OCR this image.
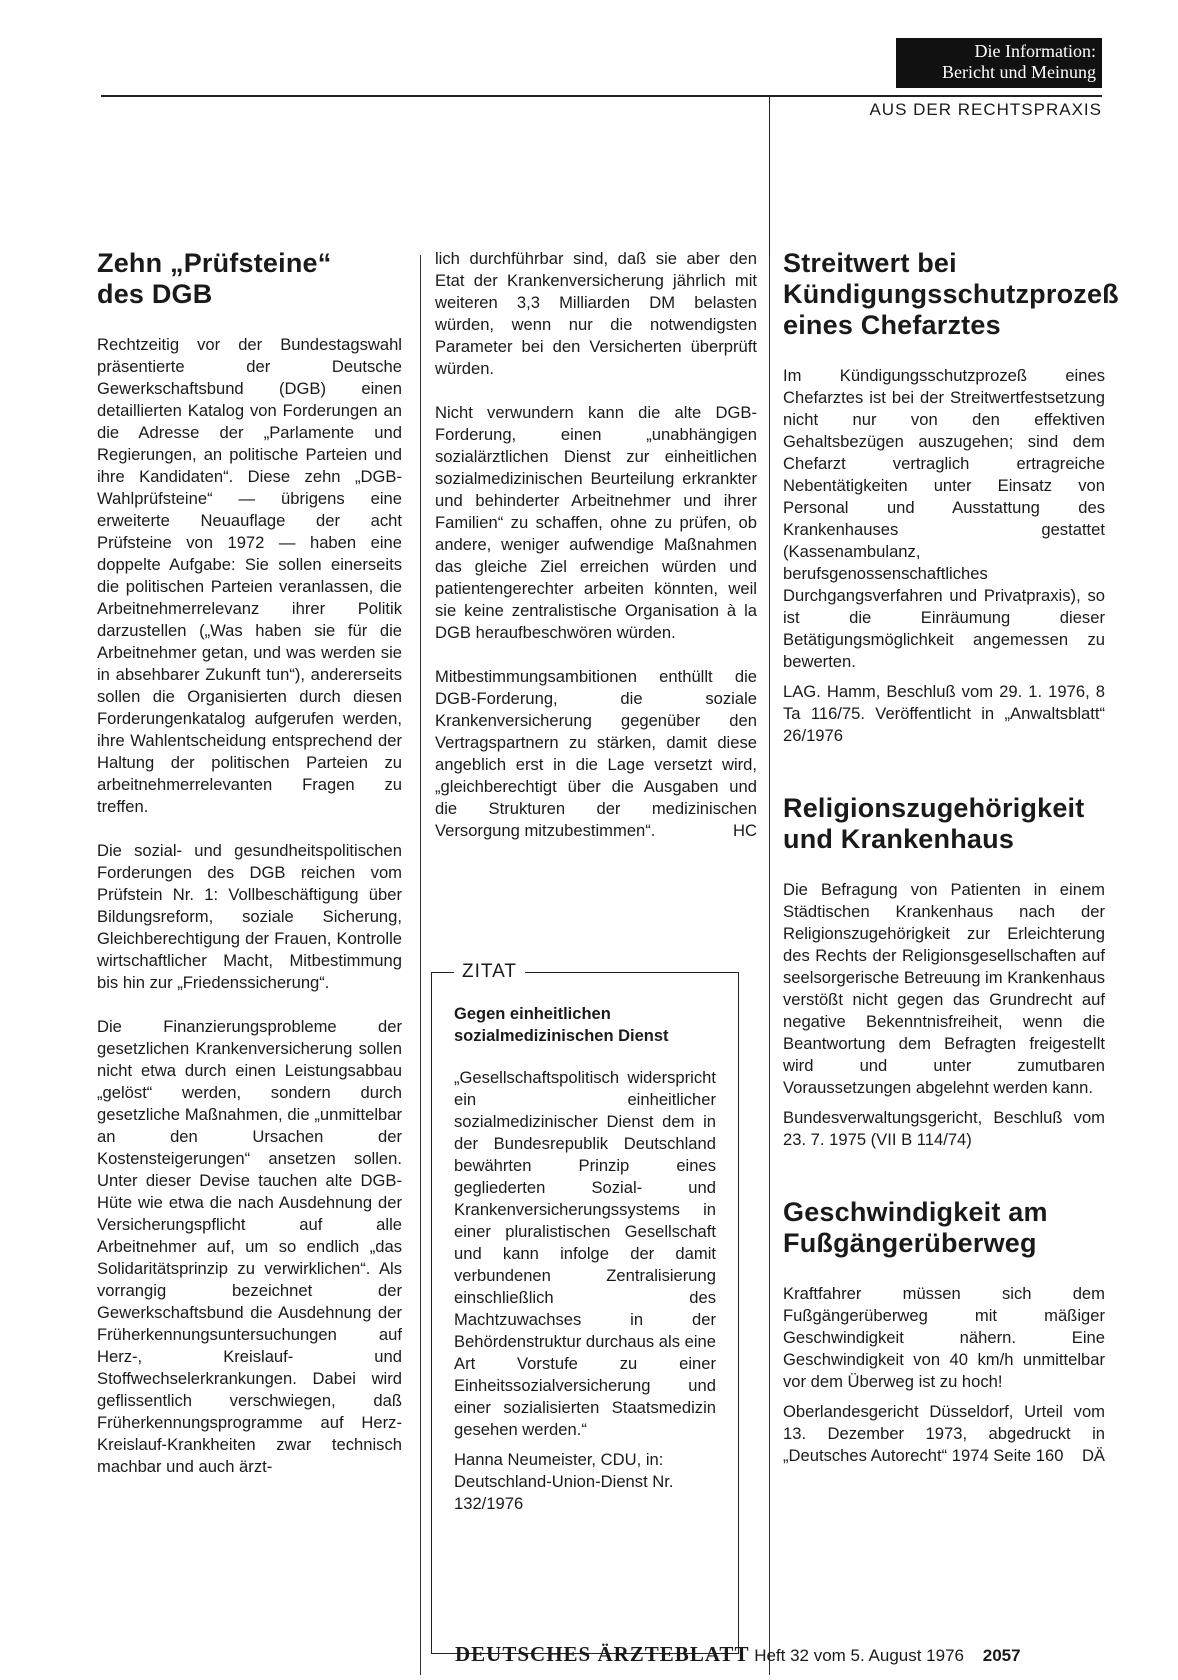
Die Information:
Bericht und Meinung
AUS DER RECHTSPRAXIS
Zehn „Prüfsteine“
des DGB

Rechtzeitig vor der Bundestagswahl präsentierte der Deutsche Gewerkschaftsbund (DGB) einen detaillierten Katalog von Forderungen an die Adresse der „Parlamente und Regierungen, an politische Parteien und ihre Kandidaten“. Diese zehn „DGB-Wahlprüfsteine“ — übrigens eine erweiterte Neuauflage der acht Prüfsteine von 1972 — haben eine doppelte Aufgabe: Sie sollen einerseits die politischen Parteien veranlassen, die Arbeitnehmerrelevanz ihrer Politik darzustellen („Was haben sie für die Arbeitnehmer getan, und was werden sie in absehbarer Zukunft tun“), andererseits sollen die Organisierten durch diesen Forderungenkatalog aufgerufen werden, ihre Wahlentscheidung entsprechend der Haltung der politischen Parteien zu arbeitnehmerrelevanten Fragen zu treffen.

Die sozial- und gesundheitspolitischen Forderungen des DGB reichen vom Prüfstein Nr. 1: Vollbeschäftigung über Bildungsreform, soziale Sicherung, Gleichberechtigung der Frauen, Kontrolle wirtschaftlicher Macht, Mitbestimmung bis hin zur „Friedenssicherung“.

Die Finanzierungsprobleme der gesetzlichen Krankenversicherung sollen nicht etwa durch einen Leistungsabbau „gelöst“ werden, sondern durch gesetzliche Maßnahmen, die „unmittelbar an den Ursachen der Kostensteigerungen“ ansetzen sollen. Unter dieser Devise tauchen alte DGB-Hüte wie etwa die nach Ausdehnung der Versicherungspflicht auf alle Arbeitnehmer auf, um so endlich „das Solidaritätsprinzip zu verwirklichen“. Als vorrangig bezeichnet der Gewerkschaftsbund die Ausdehnung der Früherkennungsuntersuchungen auf Herz-, Kreislauf- und Stoffwechselerkrankungen. Dabei wird geflissentlich verschwiegen, daß Früherkennungsprogramme auf Herz-Kreislauf-Krankheiten zwar technisch machbar und auch ärzt-

lich durchführbar sind, daß sie aber den Etat der Krankenversicherung jährlich mit weiteren 3,3 Milliarden DM belasten würden, wenn nur die notwendigsten Parameter bei den Versicherten überprüft würden.

Nicht verwundern kann die alte DGB-Forderung, einen „unabhängigen sozialärztlichen Dienst zur einheitlichen sozialmedizinischen Beurteilung erkrankter und behinderter Arbeitnehmer und ihrer Familien“ zu schaffen, ohne zu prüfen, ob andere, weniger aufwendige Maßnahmen das gleiche Ziel erreichen würden und patientengerechter arbeiten könnten, weil sie keine zentralistische Organisation à la DGB heraufbeschwören würden.

Mitbestimmungsambitionen enthüllt die DGB-Forderung, die soziale Krankenversicherung gegenüber den Vertragspartnern zu stärken, damit diese angeblich erst in die Lage versetzt wird, „gleichberechtigt über die Ausgaben und die Strukturen der medizinischen Versorgung mitzubestimmen“.	HC

ZITAT
Gegen einheitlichen sozialmedizinischen Dienst

„Gesellschaftspolitisch widerspricht ein einheitlicher sozialmedizinischer Dienst dem in der Bundesrepublik Deutschland bewährten Prinzip eines gegliederten Sozial- und Krankenversicherungssystems in einer pluralistischen Gesellschaft und kann infolge der damit verbundenen Zentralisierung einschließlich des Machtzuwachses in der Behördenstruktur durchaus als eine Art Vorstufe zu einer Einheitssozialversicherung und einer sozialisierten Staatsmedizin gesehen werden.“

Hanna Neumeister, CDU, in: Deutschland-Union-Dienst Nr. 132/1976

Streitwert bei Kündigungsschutzprozeß eines Chefarztes

Im Kündigungsschutzprozeß eines Chefarztes ist bei der Streitwertfestsetzung nicht nur von den effektiven Gehaltsbezügen auszugehen; sind dem Chefarzt vertraglich ertragreiche Nebentätigkeiten unter Einsatz von Personal und Ausstattung des Krankenhauses gestattet (Kassenambulanz, berufsgenossenschaftliches Durchgangsverfahren und Privatpraxis), so ist die Einräumung dieser Betätigungsmöglichkeit angemessen zu bewerten.

LAG. Hamm, Beschluß vom 29. 1. 1976, 8 Ta 116/75. Veröffentlicht in „Anwaltsblatt“ 26/1976

Religionszugehörigkeit und Krankenhaus

Die Befragung von Patienten in einem Städtischen Krankenhaus nach der Religionszugehörigkeit zur Erleichterung des Rechts der Religionsgesellschaften auf seelsorgerische Betreuung im Krankenhaus verstößt nicht gegen das Grundrecht auf negative Bekenntnisfreiheit, wenn die Beantwortung dem Befragten freigestellt wird und unter zumutbaren Voraussetzungen abgelehnt werden kann.

Bundesverwaltungsgericht, Beschluß vom 23. 7. 1975 (VII B 114/74)

Geschwindigkeit am Fußgängerüberweg

Kraftfahrer müssen sich dem Fußgängerüberweg mit mäßiger Geschwindigkeit nähern. Eine Geschwindigkeit von 40 km/h unmittelbar vor dem Überweg ist zu hoch!

Oberlandesgericht Düsseldorf, Urteil vom 13. Dezember 1973, abgedruckt in „Deutsches Autorecht“ 1974 Seite 160 DÄ

DEUTSCHES ÄRZTEBLATT Heft 32 vom 5. August 1976 2057
